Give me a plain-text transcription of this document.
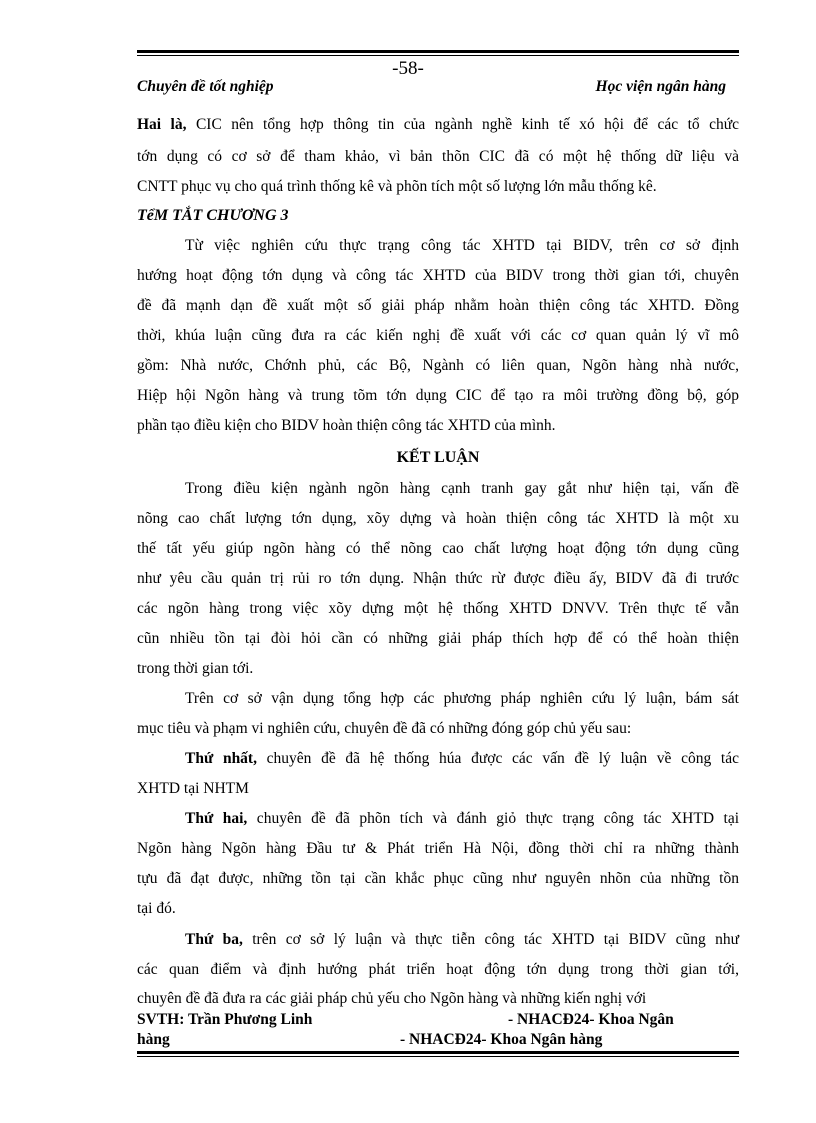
-58-
Chuyên đề tốt nghiệp	Học viện ngân hàng
Hai là, CIC nên tổng hợp thông tin của ngành nghề kinh tế xó hội để các tổ chức
tớn dụng có cơ sở để tham khảo, vì bản thõn CIC đã có một hệ thống dữ liệu và
CNTT phục vụ cho quá trình thống kê và phõn tích một số lượng lớn mẫu thống kê.
TểM TẮT CHƯƠNG 3
Từ việc nghiên cứu thực trạng công tác XHTD tại BIDV, trên cơ sở định
hướng hoạt động tớn dụng và công tác XHTD của BIDV trong thời gian tới, chuyên
đề đã mạnh dạn đề xuất một số giải pháp nhằm hoàn thiện công tác XHTD. Đồng
thời, khúa luận cũng đưa ra các kiến nghị đề xuất với các cơ quan quản lý vĩ mô
gồm: Nhà nước, Chớnh phủ, các Bộ, Ngành có liên quan, Ngõn hàng nhà nước,
Hiệp hội Ngõn hàng và trung tõm tớn dụng CIC để tạo ra môi trường đồng bộ, góp
phần tạo điều kiện cho BIDV hoàn thiện công tác XHTD của mình.
KẾT LUẬN
Trong điều kiện ngành ngõn hàng cạnh tranh gay gắt như hiện tại, vấn đề
nõng cao chất lượng tớn dụng, xõy dựng và hoàn thiện công tác XHTD là một xu
thế tất yếu giúp ngõn hàng có thể nõng cao chất lượng hoạt động tớn dụng cũng
như yêu cầu quản trị rủi ro tớn dụng. Nhận thức rừ được điều ấy, BIDV đã đi trước
các ngõn hàng trong việc xõy dựng một hệ thống XHTD DNVV. Trên thực tế vẫn
cũn nhiều tồn tại đòi hỏi cần có những giải pháp thích hợp để có thể hoàn thiện
trong thời gian tới.
Trên cơ sở vận dụng tổng hợp các phương pháp nghiên cứu lý luận, bám sát
mục tiêu và phạm vi nghiên cứu, chuyên đề đã có những đóng góp chủ yếu sau:
Thứ nhất, chuyên đề đã hệ thống húa được các vấn đề lý luận về công tác
XHTD tại NHTM
Thứ hai, chuyên đề đã phõn tích và đánh giỏ thực trạng công tác XHTD tại
Ngõn hàng Ngõn hàng Đầu tư & Phát triển Hà Nội, đồng thời chỉ ra những thành
tựu đã đạt được, những tồn tại cần khắc phục cũng như nguyên nhõn của những tồn
tại đó.
Thứ ba, trên cơ sở lý luận và thực tiễn công tác XHTD tại BIDV cũng như
các quan điểm và định hướng phát triển hoạt động tớn dụng trong thời gian tới,
chuyên đề đã đưa ra các giải pháp chủ yếu cho Ngõn hàng và những kiến nghị với
SVTH: Trần Phương Linh	- NHACĐ24- Khoa Ngân
hàng	- NHACĐ24- Khoa Ngân hàng
